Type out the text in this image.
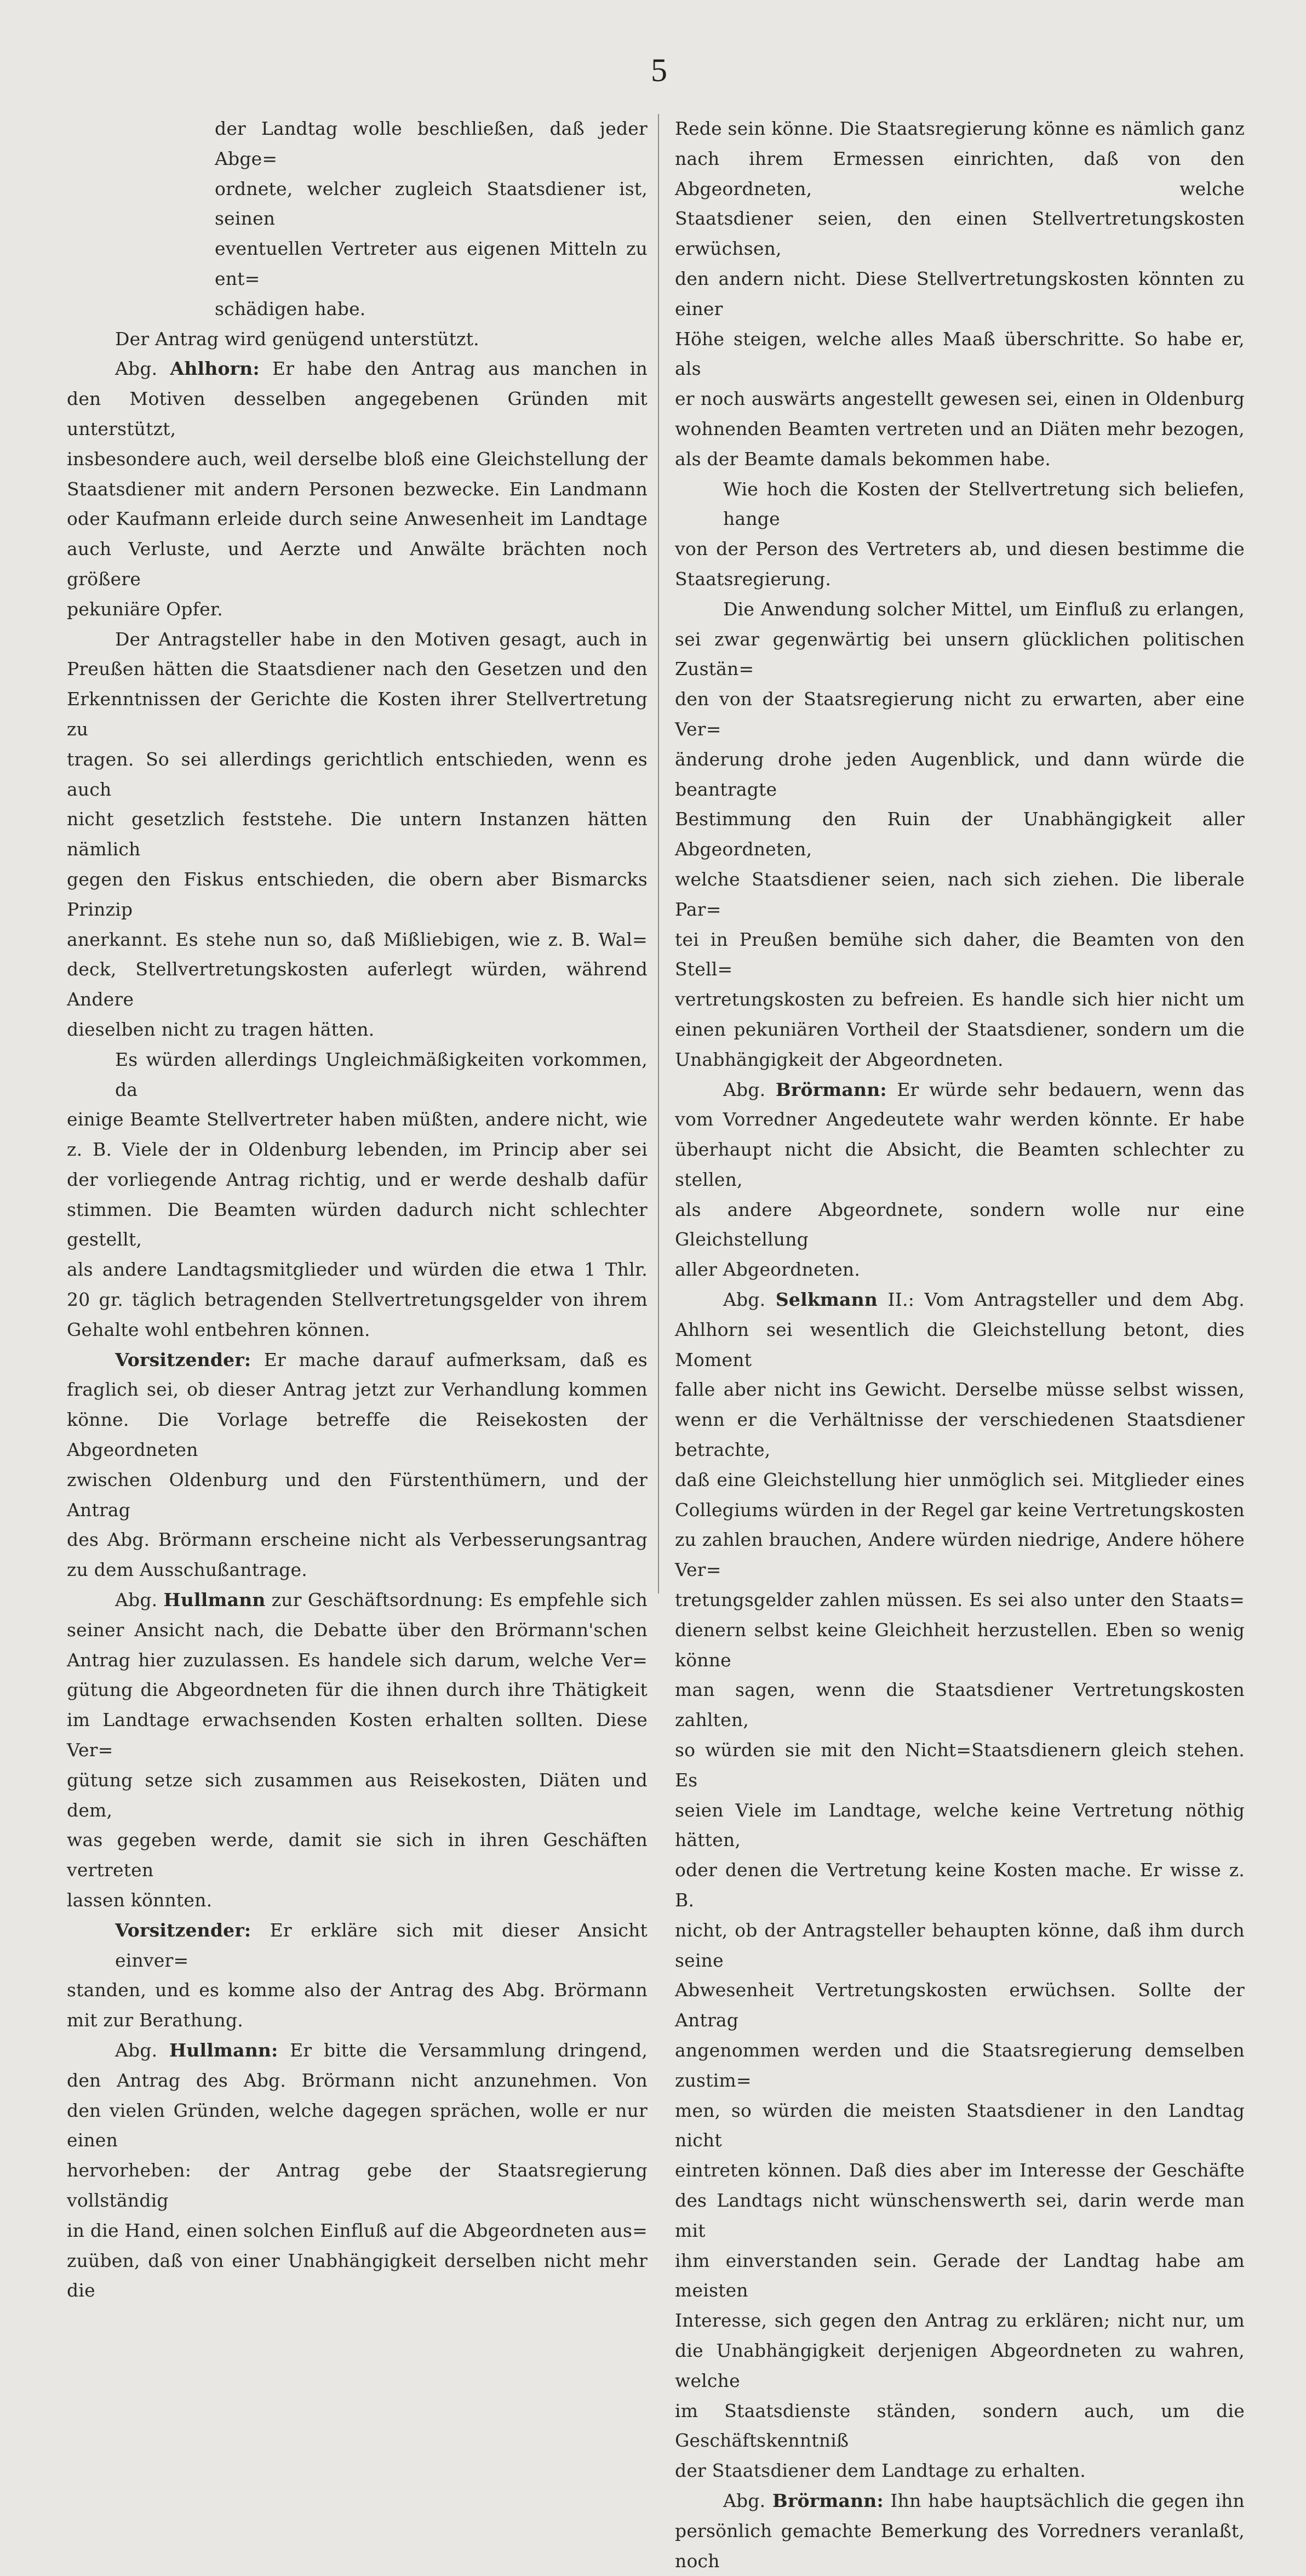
5

der Landtag wolle beschließen, daß jeder Abge=

ordnete, welcher zugleich Staatsdiener ist, seinen

eventuellen Vertreter aus eigenen Mitteln zu ent=

schädigen habe.

Der Antrag wird genügend unterstützt.

Abg. Ahlhorn: Er habe den Antrag aus manchen in

den Motiven desselben angegebenen Gründen mit unterstützt,

insbesondere auch, weil derselbe bloß eine Gleichstellung der

Staatsdiener mit andern Personen bezwecke. Ein Landmann

oder Kaufmann erleide durch seine Anwesenheit im Landtage

auch Verluste, und Aerzte und Anwälte brächten noch größere

pekuniäre Opfer.

Der Antragsteller habe in den Motiven gesagt, auch in

Preußen hätten die Staatsdiener nach den Gesetzen und den

Erkenntnissen der Gerichte die Kosten ihrer Stellvertretung zu

tragen. So sei allerdings gerichtlich entschieden, wenn es auch

nicht gesetzlich feststehe. Die untern Instanzen hätten nämlich

gegen den Fiskus entschieden, die obern aber Bismarcks Prinzip

anerkannt. Es stehe nun so, daß Mißliebigen, wie z. B. Wal=

deck, Stellvertretungskosten auferlegt würden, während Andere

dieselben nicht zu tragen hätten.

Es würden allerdings Ungleichmäßigkeiten vorkommen, da

einige Beamte Stellvertreter haben müßten, andere nicht, wie

z. B. Viele der in Oldenburg lebenden, im Princip aber sei

der vorliegende Antrag richtig, und er werde deshalb dafür

stimmen. Die Beamten würden dadurch nicht schlechter gestellt,

als andere Landtagsmitglieder und würden die etwa 1 Thlr.

20 gr. täglich betragenden Stellvertretungsgelder von ihrem

Gehalte wohl entbehren können.

Vorsitzender: Er mache darauf aufmerksam, daß es

fraglich sei, ob dieser Antrag jetzt zur Verhandlung kommen

könne. Die Vorlage betreffe die Reisekosten der Abgeordneten

zwischen Oldenburg und den Fürstenthümern, und der Antrag

des Abg. Brörmann erscheine nicht als Verbesserungsantrag

zu dem Ausschußantrage.

Abg. Hullmann zur Geschäftsordnung: Es empfehle sich

seiner Ansicht nach, die Debatte über den Brörmann'schen

Antrag hier zuzulassen. Es handele sich darum, welche Ver=

gütung die Abgeordneten für die ihnen durch ihre Thätigkeit

im Landtage erwachsenden Kosten erhalten sollten. Diese Ver=

gütung setze sich zusammen aus Reisekosten, Diäten und dem,

was gegeben werde, damit sie sich in ihren Geschäften vertreten

lassen könnten.

Vorsitzender: Er erkläre sich mit dieser Ansicht einver=

standen, und es komme also der Antrag des Abg. Brörmann

mit zur Berathung.

Abg. Hullmann: Er bitte die Versammlung dringend,

den Antrag des Abg. Brörmann nicht anzunehmen. Von

den vielen Gründen, welche dagegen sprächen, wolle er nur einen

hervorheben: der Antrag gebe der Staatsregierung vollständig

in die Hand, einen solchen Einfluß auf die Abgeordneten aus=

zuüben, daß von einer Unabhängigkeit derselben nicht mehr die

Rede sein könne. Die Staatsregierung könne es nämlich ganz

nach ihrem Ermessen einrichten, daß von den Abgeordneten, welche

Staatsdiener seien, den einen Stellvertretungskosten erwüchsen,

den andern nicht. Diese Stellvertretungskosten könnten zu einer

Höhe steigen, welche alles Maaß überschritte. So habe er, als

er noch auswärts angestellt gewesen sei, einen in Oldenburg

wohnenden Beamten vertreten und an Diäten mehr bezogen,

als der Beamte damals bekommen habe.

Wie hoch die Kosten der Stellvertretung sich beliefen, hange

von der Person des Vertreters ab, und diesen bestimme die

Staatsregierung.

Die Anwendung solcher Mittel, um Einfluß zu erlangen,

sei zwar gegenwärtig bei unsern glücklichen politischen Zustän=

den von der Staatsregierung nicht zu erwarten, aber eine Ver=

änderung drohe jeden Augenblick, und dann würde die beantragte

Bestimmung den Ruin der Unabhängigkeit aller Abgeordneten,

welche Staatsdiener seien, nach sich ziehen. Die liberale Par=

tei in Preußen bemühe sich daher, die Beamten von den Stell=

vertretungskosten zu befreien. Es handle sich hier nicht um

einen pekuniären Vortheil der Staatsdiener, sondern um die

Unabhängigkeit der Abgeordneten.

Abg. Brörmann: Er würde sehr bedauern, wenn das

vom Vorredner Angedeutete wahr werden könnte. Er habe

überhaupt nicht die Absicht, die Beamten schlechter zu stellen,

als andere Abgeordnete, sondern wolle nur eine Gleichstellung

aller Abgeordneten.

Abg. Selkmann II.: Vom Antragsteller und dem Abg.

Ahlhorn sei wesentlich die Gleichstellung betont, dies Moment

falle aber nicht ins Gewicht. Derselbe müsse selbst wissen,

wenn er die Verhältnisse der verschiedenen Staatsdiener betrachte,

daß eine Gleichstellung hier unmöglich sei. Mitglieder eines

Collegiums würden in der Regel gar keine Vertretungskosten

zu zahlen brauchen, Andere würden niedrige, Andere höhere Ver=

tretungsgelder zahlen müssen. Es sei also unter den Staats=

dienern selbst keine Gleichheit herzustellen. Eben so wenig könne

man sagen, wenn die Staatsdiener Vertretungskosten zahlten,

so würden sie mit den Nicht=Staatsdienern gleich stehen. Es

seien Viele im Landtage, welche keine Vertretung nöthig hätten,

oder denen die Vertretung keine Kosten mache. Er wisse z. B.

nicht, ob der Antragsteller behaupten könne, daß ihm durch seine

Abwesenheit Vertretungskosten erwüchsen. Sollte der Antrag

angenommen werden und die Staatsregierung demselben zustim=

men, so würden die meisten Staatsdiener in den Landtag nicht

eintreten können. Daß dies aber im Interesse der Geschäfte

des Landtags nicht wünschenswerth sei, darin werde man mit

ihm einverstanden sein. Gerade der Landtag habe am meisten

Interesse, sich gegen den Antrag zu erklären; nicht nur, um

die Unabhängigkeit derjenigen Abgeordneten zu wahren, welche

im Staatsdienste ständen, sondern auch, um die Geschäftskenntniß

der Staatsdiener dem Landtage zu erhalten.

Abg. Brörmann: Ihn habe hauptsächlich die gegen ihn

persönlich gemachte Bemerkung des Vorredners veranlaßt, noch
